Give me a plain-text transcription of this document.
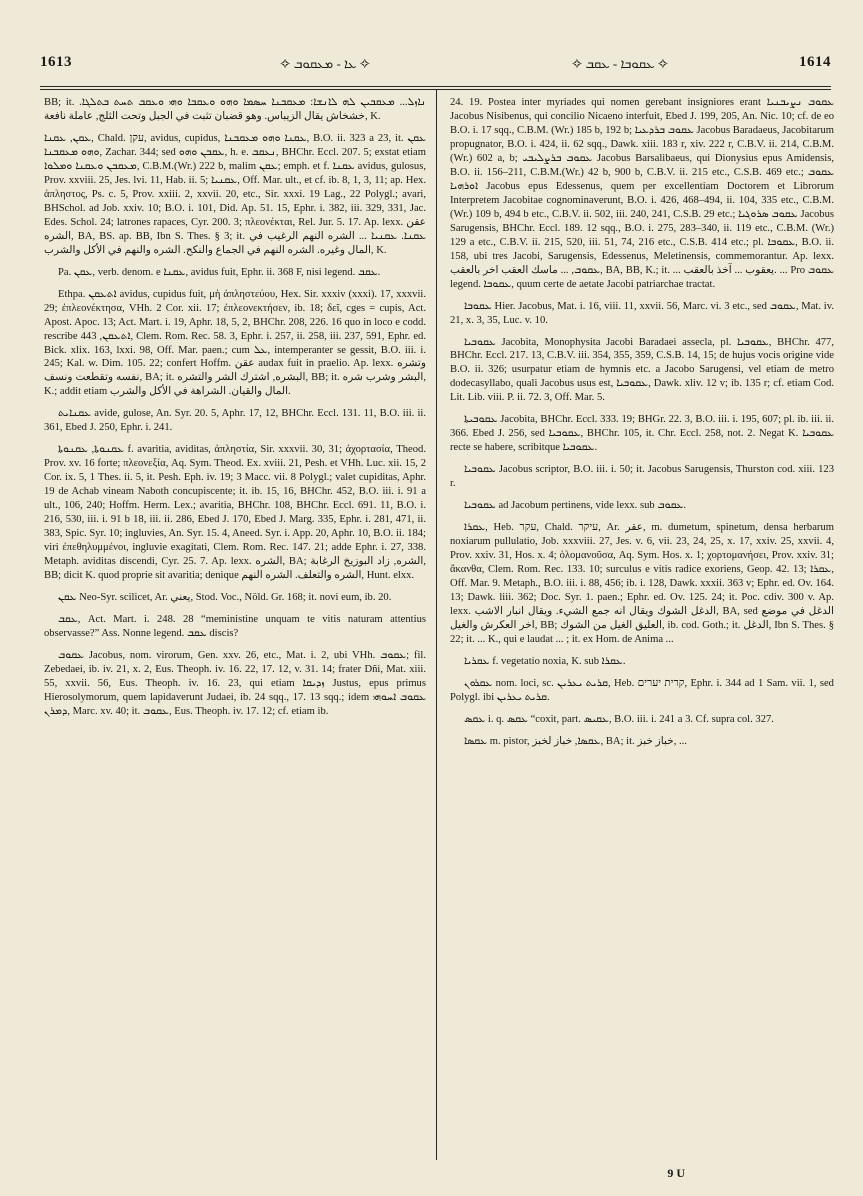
1613	✧ ܥܐ - ܡܥܩܘܒ ✧	✧ ܥܩܘܒܐ - ܥܩܒ ✧	1614

BB; it. ܢܐܙܠ... ܡܥܩܒܝܢ ܠܗ ܠܐܢܫܐ: ܡܥܩܒܢܐ ܚܣܡܐ ܘܗܘ ܘܥܩܒܐ ܘܗܝ ܘܥܩܒ ܬܚܬ ܒܬܠܓܐ. خشخاش يقال الزيباس. وهو قضبان تثبت في الجبل وتحت الثلج, عاملة نافعة, K.

ܥܩܢ, ܥܩܢܐ, Chald. עקן, avidus, cupidus, ܥܩܢܐ ܘܗܘ ܡܥܩܒܢܐ, B.O. ii. 323 a 23, it. ܥܩܢ ܘܗܘ ܡܥܩܒܢܐ, Zachar. 344; sed ܥܩܒܢ ܘܗܘ, h. e. ܢܥܩܒ, BHChr. Eccl. 207. 5; exstat etiam ܡܥܩܒܢ ܘܥܩܢܐ ܘܡܠܘܐ, C.B.M.(Wr.) 222 b, malim ܥܩܢ; emph. et f. ܥܩܢܐ avidus, gulosus, Prov. xxviii. 25, Jes. lvi. 11, Hab. ii. 5; ܥܩܢܝܐ, Off. Mar. ult., et cf. ib. 8, 1, 3, 11; ap. Hex. ἀπληστος, Ps. c. 5, Prov. xxiii. 2, xxvii. 20, etc., Sir. xxxi. 19 Lag., 22 Polygl.; avari, BHSchol. ad Job. xxiv. 10; B.O. i. 101, Did. Ap. 51. 15, Ephr. i. 382, iii. 329, 331, Jac. Edes. Schol. 24; latrones rapaces, Cyr. 200. 3; πλεονέκται, Rel. Jur. 5. 17. Ap. lexx. عقن الشره, BA, BS. ap. BB, Ibn S. Thes. § 3; it. ܥܩܢܐ. ܥܩܢܝܐ ... الشره النهم الرغيب في المال وغيره. الشره النهم في الجماع والنكح. الشره والنهم في الأكل والشرب, K.

Pa. ܥܩܢ, verb. denom. e ܥܩܢܐ, avidus fuit, Ephr. ii. 368 F, nisi legend. ܥܩܒ.

Ethpa. ܐܬܥܩܢ avidus, cupidus fuit, μὴ ἀπληστεύου, Hex. Sir. xxxiv (xxxi). 17, xxxvii. 29; ἐπλεονέκτησα, VHh. 2 Cor. xii. 17; ἐπλεονεκτήσεν, ib. 18; δεῖ, cges = cupis, Act. Apost. Apoc. 13; Act. Mart. i. 19, Aphr. 18, 5, 2, BHChr. 208, 226. 16 quo in loco e codd. rescribe ܐܬܥܩܢ, 443, Clem. Rom. Rec. 58. 3, Ephr. i. 257, ii. 258, iii. 237, 591, Ephr. ed. Bick. xlix. 163, lxxi. 98, Off. Mar. paen.; cum ܥܠ, intemperanter se gessit, B.O. iii. i. 245; Kal. w. Dim. 105. 22; confert Hoffm. عقن audax fuit in praelio. Ap. lexx. وتشره نفسه وتقطعت ونسف, BA; it. البشره, اشترك الشر والتشره, BB; it. البشر وشرب شره, K.; addit etiam المال والقيان. الشراهة في الأكل والشرب.

ܥܩܢܐܝܬ avide, gulose, An. Syr. 20. 5, Aphr. 17, 12, BHChr. Eccl. 131. 11, B.O. iii. ii. 361, Ebed J. 250, Ephr. i. 241.

ܥܩܢܘܬܐ, ܥܩܢܘܬܐ f. avaritia, aviditas, ἀπληστία, Sir. xxxvii. 30, 31; ἀχορτασία, Theod. Prov. xv. 16 forte; πλεονεξία, Aq. Sym. Theod. Ex. xviii. 21, Pesh. et VHh. Luc. xii. 15, 2 Cor. ix. 5, 1 Thes. ii. 5, it. Pesh. Eph. iv. 19; 3 Macc. vii. 8 Polygl.; valet cupiditas, Aphr. 19 de Achab vineam Naboth concupiscente; it. ib. 15, 16, BHChr. 452, B.O. iii. i. 91 a ult., 106, 240; Hoffm. Herm. Lex.; avaritia, BHChr. 108, BHChr. Eccl. 691. 11, B.O. i. 216, 530, iii. i. 91 b 18, iii. ii. 286, Ebed J. 170, Ebed J. Marg. 335, Ephr. i. 281, 471, ii. 383, Spic. Syr. 10; ingluvies, An. Syr. 15. 4, Aneed. Syr. i. App. 20, Aphr. 10, B.O. ii. 184; viri ἐπεθηλυμμένοι, ingluvie exagitati, Clem. Rom. Rec. 147. 21; adde Ephr. i. 27, 338. Metaph. aviditas discendi, Cyr. 25. 7. Ap. lexx. الشره, BA; الشره, زاد البوزيخ الرغابة, BB; dicit K. quod proprie sit avaritia; denique الشره والتعلف. الشره النهم, Hunt. elxx.

ܥܩܢ Neo-Syr. scilicet, Ar. يعني, Stod. Voc., Nöld. Gr. 168; it. novi eum, ib. 20.

ܥܩܒ, Act. Mart. i. 248. 28 “meministine unquam te vitis naturam attentius observasse?” Ass. Nonne legend. ܥܩܒ discis?

ܥܩܘܒ Jacobus, nom. virorum, Gen. xxv. 26, etc., Mat. i. 2, ubi VHh. ܥܩܘܒ; fil. Zebedaei, ib. iv. 21, x. 2, Eus. Theoph. iv. 16. 22, 17. 12, v. 31. 14; frater Dñi, Mat. xiii. 55, xxvii. 56, Eus. Theoph. iv. 16. 23, qui etiam ܙܕܝܩܐ Justus, epus primus Hierosolymorum, quem lapidaverunt Judaei, ib. 24 sqq., 17. 13 sqq.; idem ܥܩܘܒ ܐܚܘܗܝ ܕܡܪܢ, Marc. xv. 40; it. ܥܩܘܒ, Eus. Theoph. iv. 17. 12; cf. etiam ib.

24. 19. Postea inter myriades qui nomen gerebant insigniores erant ܥܩܘܒ ܢܨܝܒܢܝܐ Jacobus Nisibenus, qui concilio Nicaeno interfuit, Ebed J. 199, 205, An. Nic. 10; cf. de eo B.O. i. 17 sqq., C.B.M. (Wr.) 185 b, 192 b; ܥܩܘܒ ܒܪܕܥܝܐ Jacobus Baradaeus, Jacobitarum propugnator, B.O. i. 424, ii. 62 sqq., Dawk. xiii. 183 r, xiv. 222 r, C.B.V. ii. 214, C.B.M. (Wr.) 602 a, b; ܥܩܘܒ ܒܪܨܠܝܒܝ Jacobus Barsalibaeus, qui Dionysius epus Amidensis, B.O. ii. 156–211, C.B.M.(Wr.) 42 b, 900 b, C.B.V. ii. 215 etc., C.S.B. 469 etc.; ܥܩܘܒ ܐܘܪܗܝܐ Jacobus epus Edessenus, quem per excellentiam Doctorem et Librorum Interpretem Jacobitae cognominaverunt, B.O. i. 426, 468–494, ii. 104, 335 etc., C.B.M. (Wr.) 109 b, 494 b etc., C.B.V. ii. 502, iii. 240, 241, C.S.B. 29 etc.; ܥܩܘܒ ܣܪܘܓܝܐ Jacobus Sarugensis, BHChr. Eccl. 189. 12 sqq., B.O. i. 275, 283–340, ii. 119 etc., C.B.M. (Wr.) 129 a etc., C.B.V. ii. 215, 520, iii. 51, 74, 216 etc., C.S.B. 414 etc.; pl. ܥܩܘܒܐ, B.O. ii. 158, ubi tres Jacobi, Sarugensis, Edessenus, Meletinensis, commemorantur. Ap. lexx. ܥܩܘܒ, ... ماسك العقب اخر بالعقب, BA, BB, K.; it. ... يعقوب ... آخذ بالعقب. ... Pro ܥܩܘܒ legend. ܥܩܘܒܐ, quum certe de aetate Jacobi patriarchae tractat.

ܥܩܘܒܐ Hier. Jacobus, Mat. i. 16, viii. 11, xxvii. 56, Marc. vi. 3 etc., sed ܥܩܘܒ, Mat. iv. 21, x. 3, 35, Luc. v. 10.

ܥܩܘܒܝܐ Jacobita, Monophysita Jacobi Baradaei assecla, pl. ܥܩܘܒܝܐ, BHChr. 477, BHChr. Eccl. 217. 13, C.B.V. iii. 354, 355, 359, C.S.B. 14, 15; de hujus vocis origine vide B.O. ii. 326; usurpatur etiam de hymnis etc. a Jacobo Sarugensi, vel etiam de metro dodecasyllabo, quali Jacobus usus est, ܥܩܘܒܝܐ, Dawk. xliv. 12 v; ib. 135 r; cf. etiam Cod. Lit. Lib. viii. P. ii. 72. 3, Off. Mar. 5.

ܥܩܘܒܝܬܐ Jacobita, BHChr. Eccl. 333. 19; BHGr. 22. 3, B.O. iii. i. 195, 607; pl. ib. iii. ii. 366. Ebed J. 256, sed ܥܩܘܒܝܐ, BHChr. 105, it. Chr. Eccl. 258, not. 2. Negat K. ܥܩܘܒܝܐ recte se habere, scribitque ܥܩܘܒܝܐ.

ܥܩܘܒܝܐ Jacobus scriptor, B.O. iii. i. 50; it. Jacobus Sarugensis, Thurston cod. xiii. 123 r.

ܥܩܘܒܝܐ ad Jacobum pertinens, vide lexx. sub ܥܩܘܒ.

ܥܩܪܐ, Heb. עקר, Chald. עיקר, Ar. عقر, m. dumetum, spinetum, densa herbarum noxiarum pullulatio, Job. xxxviii. 27, Jes. v. 6, vii. 23, 24, 25, x. 17, xxiv. 25, xxvii. 4, Prov. xxiv. 31, Hos. x. 4; ὁλομανοῦσα, Aq. Sym. Hos. x. 1; χορτομανήσει, Prov. xxiv. 31; ἄκανθα, Clem. Rom. Rec. 133. 10; surculus e vitis radice exoriens, Geop. 42. 13; ܥܩܪܐ, Off. Mar. 9. Metaph., B.O. iii. i. 88, 456; ib. i. 128, Dawk. xxxii. 363 v; Ephr. ed. Ov. 164. 13; Dawk. liii. 362; Doc. Syr. 1. paen.; Ephr. ed. Ov. 125. 24; it. Poc. cdiv. 300 v. Ap. lexx. الدغل الشوك ويقال انه جمع الشيء. ويقال انبار الاشب, BA, sed الدغل في موضع اخر العكرش والغيل, BB; العليق الغيل من الشوك, ib. cod. Goth.; it. الدغل, Ibn S. Thes. § 22; it. ... K., qui e laudat ... ; it. ex Hom. de Anima ...

ܥܩܪܝܐ f. vegetatio noxia, K. sub ܥܩܪܐ.

ܥܩܪܘܢ nom. loci, sc. ܩܪܝܬ ܝܥܪܝܢ, Heb. קרית יערים, Ephr. i. 344 ad 1 Sam. vii. 1, sed Polygl. ibi ܩܪܝܬ ܝܥܪܝܢ.

ܥܩܣ i. q. ܥܩܣ “coxit, part. ܥܩܝܣ, B.O. iii. i. 241 a 3. Cf. supra col. 327.

ܥܩܣܐ m. pistor, ܥܩܣܐ, خباز لخبز, BA; it. خباز خبز, ...

9 U
